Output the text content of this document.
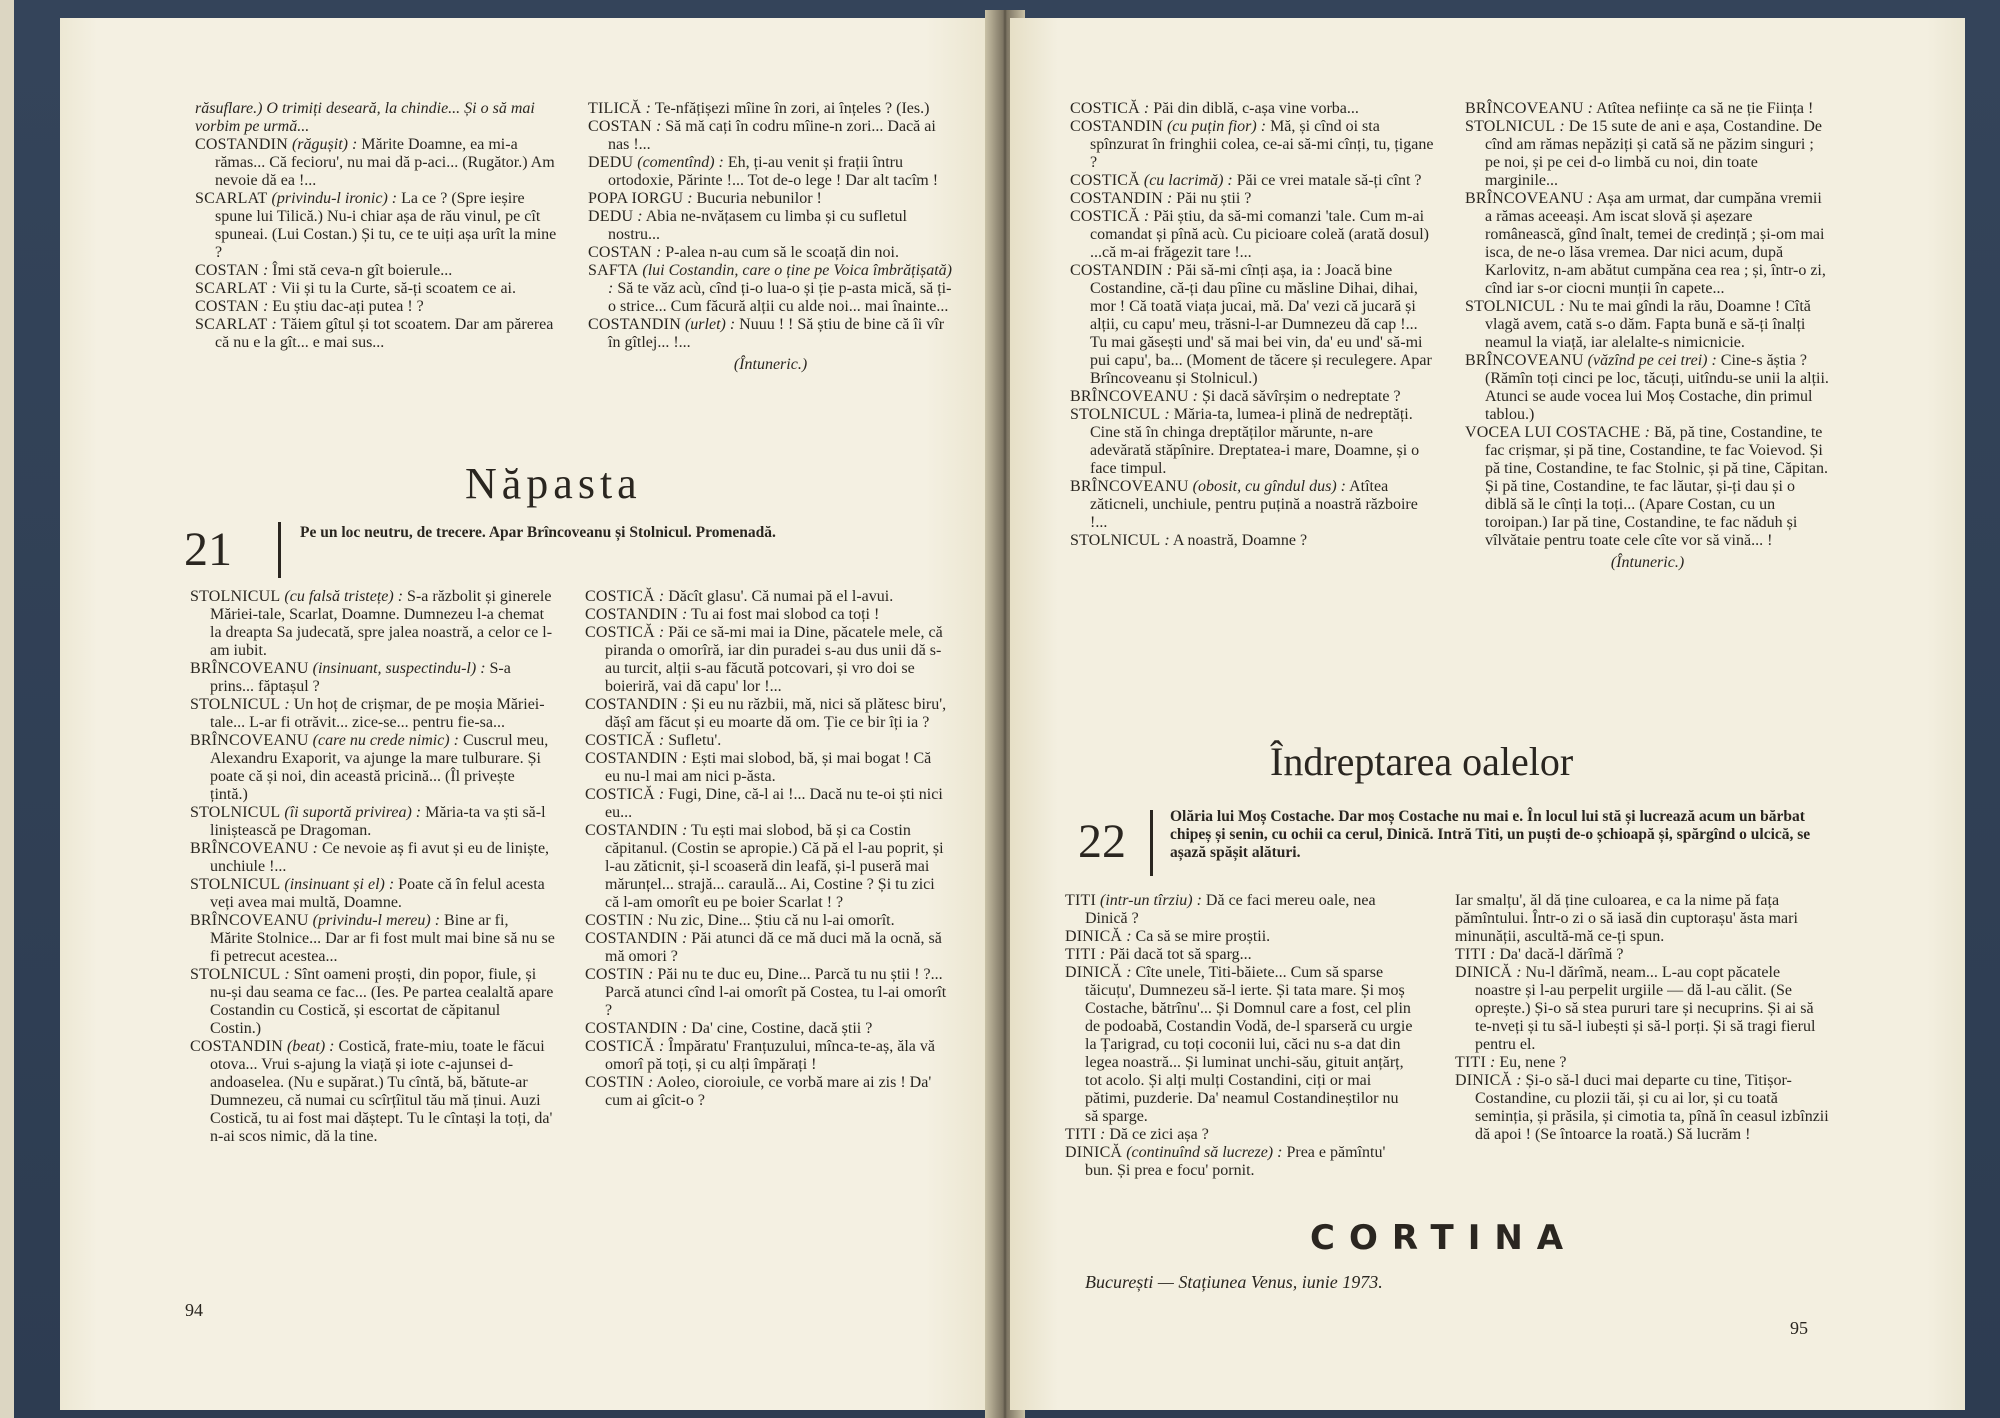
răsuflare.) O trimiți deseară, la chindie... Și o să mai vorbim pe urmă...

COSTANDIN (răgușit) : Mărite Doamne, ea mi-a rămas... Că fecioru', nu mai dă p-aci... (Rugător.) Am nevoie dă ea !...

SCARLAT (privindu-l ironic) : La ce ? (Spre ieșire spune lui Tilică.) Nu-i chiar așa de rău vinul, pe cît spuneai. (Lui Costan.) Și tu, ce te uiți așa urît la mine ?

COSTAN : Îmi stă ceva-n gît boierule...

SCARLAT : Vii și tu la Curte, să-ți scoatem ce ai.

COSTAN : Eu știu dac-ați putea ! ?

SCARLAT : Tăiem gîtul și tot scoatem. Dar am părerea că nu e la gît... e mai sus...

TILICĂ : Te-nfățișezi mîine în zori, ai înțeles ? (Ies.)

COSTAN : Să mă cați în codru mîine-n zori... Dacă ai nas !...

DEDU (comentînd) : Eh, ți-au venit și frații întru ortodoxie, Părinte !... Tot de-o lege ! Dar alt tacîm !

POPA IORGU : Bucuria nebunilor !

DEDU : Abia ne-nvățasem cu limba și cu sufletul nostru...

COSTAN : P-alea n-au cum să le scoață din noi.

SAFTA (lui Costandin, care o ține pe Voica îmbrățișată) : Să te văz acù, cînd ți-o lua-o și ție p-asta mică, să ți-o strice... Cum făcură alții cu alde noi... mai înainte...

COSTANDIN (urlet) : Nuuu ! ! Să știu de bine că îi vîr în gîtlej... !...

(Întuneric.)

Năpasta
21	Pe un loc neutru, de trecere. Apar Brîncoveanu și Stolnicul. Promenadă.

STOLNICUL (cu falsă tristețe) : S-a războlit și ginerele Măriei-tale, Scarlat, Doamne. Dumnezeu l-a chemat la dreapta Sa judecată, spre jalea noastră, a celor ce l-am iubit.

BRÎNCOVEANU (insinuant, suspectindu-l) : S-a prins... făptașul ?

STOLNICUL : Un hoț de crișmar, de pe moșia Măriei-tale... L-ar fi otrăvit... zice-se... pentru fie-sa...

BRÎNCOVEANU (care nu crede nimic) : Cuscrul meu, Alexandru Exaporit, va ajunge la mare tulburare. Și poate că și noi, din această pricină... (Îl privește țintă.)

STOLNICUL (îi suportă privirea) : Măria-ta va ști să-l liniștească pe Dragoman.

BRÎNCOVEANU : Ce nevoie aș fi avut și eu de liniște, unchiule !...

STOLNICUL (insinuant și el) : Poate că în felul acesta veți avea mai multă, Doamne.

BRÎNCOVEANU (privindu-l mereu) : Bine ar fi, Mărite Stolnice... Dar ar fi fost mult mai bine să nu se fi petrecut acestea...

STOLNICUL : Sînt oameni proști, din popor, fiule, și nu-și dau seama ce fac... (Ies. Pe partea cealaltă apare Costandin cu Costică, și escortat de căpitanul Costin.)

COSTANDIN (beat) : Costică, frate-miu, toate le făcui otova... Vrui s-ajung la viață și iote c-ajunsei d-andoaselea. (Nu e supărat.) Tu cîntă, bă, bătute-ar Dumnezeu, că numai cu scîrțîitul tău mă ținui. Auzi Costică, tu ai fost mai dăștept. Tu le cîntași la toți, da' n-ai scos nimic, dă la tine.

COSTICĂ : Dăcît glasu'. Că numai pă el l-avui.

COSTANDIN : Tu ai fost mai slobod ca toți !

COSTICĂ : Păi ce să-mi mai ia Dine, păcatele mele, că piranda o omorîră, iar din puradei s-au dus unii dă s-au turcit, alții s-au făcută potcovari, și vro doi se boieriră, vai dă capu' lor !...

COSTANDIN : Și eu nu răzbii, mă, nici să plătesc biru', dășî am făcut și eu moarte dă om. Ție ce bir îți ia ?

COSTICĂ : Sufletu'.

COSTANDIN : Ești mai slobod, bă, și mai bogat ! Că eu nu-l mai am nici p-ăsta.

COSTICĂ : Fugi, Dine, că-l ai !... Dacă nu te-oi ști nici eu...

COSTANDIN : Tu ești mai slobod, bă și ca Costin căpitanul. (Costin se apropie.) Că pă el l-au poprit, și l-au zăticnit, și-l scoaseră din leafă, și-l puseră mai mărunțel... strajă... caraulă... Ai, Costine ? Și tu zici că l-am omorît eu pe boier Scarlat ! ?

COSTIN : Nu zic, Dine... Știu că nu l-ai omorît.

COSTANDIN : Păi atunci dă ce mă duci mă la ocnă, să mă omori ?

COSTIN : Păi nu te duc eu, Dine... Parcă tu nu știi ! ?... Parcă atunci cînd l-ai omorît pă Costea, tu l-ai omorît ?

COSTANDIN : Da' cine, Costine, dacă știi ?

COSTICĂ : Împăratu' Franțuzului, mînca-te-aș, ăla vă omorî pă toți, și cu alți împărați !

COSTIN : Aoleo, cioroiule, ce vorbă mare ai zis ! Da' cum ai gîcit-o ?

94

COSTICĂ : Păi din diblă, c-așa vine vorba...

COSTANDIN (cu puțin fior) : Mă, și cînd oi sta spînzurat în fringhii colea, ce-ai să-mi cînți, tu, țigane ?

COSTICĂ (cu lacrimă) : Păi ce vrei matale să-ți cînt ?

COSTANDIN : Păi nu știi ?

COSTICĂ : Păi știu, da să-mi comanzi 'tale. Cum m-ai comandat și pînă acù. Cu picioare coleă (arată dosul) ...că m-ai frăgezit tare !...

COSTANDIN : Păi să-mi cînți așa, ia : Joacă bine Costandine, că-ți dau pîine cu măsline Dihai, dihai, mor ! Că toată viața jucai, mă. Da' vezi că jucară și alții, cu capu' meu, trăsni-l-ar Dumnezeu dă cap !... Tu mai găsești und' să mai bei vin, da' eu und' să-mi pui capu', ba... (Moment de tăcere și reculegere. Apar Brîncoveanu și Stolnicul.)

BRÎNCOVEANU : Și dacă săvîrșim o nedreptate ?

STOLNICUL : Măria-ta, lumea-i plină de nedreptăți. Cine stă în chinga dreptăților mărunte, n-are adevărată stăpînire. Dreptatea-i mare, Doamne, și o face timpul.

BRÎNCOVEANU (obosit, cu gîndul dus) : Atîtea zăticneli, unchiule, pentru puțină a noastră războire !...

STOLNICUL : A noastră, Doamne ?

BRÎNCOVEANU : Atîtea neființe ca să ne ție Ființa !

STOLNICUL : De 15 sute de ani e așa, Costandine. De cînd am rămas nepăziți și cată să ne păzim singuri ; pe noi, și pe cei d-o limbă cu noi, din toate marginile...

BRÎNCOVEANU : Așa am urmat, dar cumpăna vremii a rămas aceeași. Am iscat slovă și așezare românească, gînd înalt, temei de credință ; și-om mai isca, de ne-o lăsa vremea. Dar nici acum, după Karlovitz, n-am abătut cumpăna cea rea ; și, într-o zi, cînd iar s-or ciocni munții în capete...

STOLNICUL : Nu te mai gîndi la rău, Doamne ! Cîtă vlagă avem, cată s-o dăm. Fapta bună e să-ți înalți neamul la viață, iar alelalte-s nimicnicie.

BRÎNCOVEANU (văzînd pe cei trei) : Cine-s ăștia ? (Rămîn toți cinci pe loc, tăcuți, uitîndu-se unii la alții. Atunci se aude vocea lui Moș Costache, din primul tablou.)

VOCEA LUI COSTACHE : Bă, pă tine, Costandine, te fac crișmar, și pă tine, Costandine, te fac Voievod. Și pă tine, Costandine, te fac Stolnic, și pă tine, Căpitan. Și pă tine, Costandine, te fac lăutar, și-ți dau și o diblă să le cînți la toți... (Apare Costan, cu un toroipan.) Iar pă tine, Costandine, te fac năduh și vîlvătaie pentru toate cele cîte vor să vină... !

(Întuneric.)

Îndreptarea oalelor
22	Olăria lui Moș Costache. Dar moș Costache nu mai e. În locul lui stă și lucrează acum un bărbat chipeș și senin, cu ochii ca cerul, Dinică. Intră Titi, un puști de-o șchioapă și, spărgînd o ulcică, se așază spășit alături.

TITI (intr-un tîrziu) : Dă ce faci mereu oale, nea Dinică ?

DINICĂ : Ca să se mire proștii.

TITI : Păi dacă tot să sparg...

DINICĂ : Cîte unele, Titi-băiete... Cum să sparse tăicuțu', Dumnezeu să-l ierte. Și tata mare. Și moș Costache, bătrînu'... Și Domnul care a fost, cel plin de podoabă, Costandin Vodă, de-l sparseră cu urgie la Țarigrad, cu toți coconii lui, căci nu s-a dat din legea noastră... Și luminat unchi-său, gituit anțărț, tot acolo. Și alți mulți Costandini, ciți or mai pătimi, puzderie. Da' neamul Costandineștilor nu să sparge.

TITI : Dă ce zici așa ?

DINICĂ (continuînd să lucreze) : Prea e pămîntu' bun. Și prea e focu' pornit.

Iar smalțu', ăl dă ține culoarea, e ca la nime pă fața pămîntului. Într-o zi o să iasă din cuptorașu' ăsta mari minunății, ascultă-mă ce-ți spun.

TITI : Da' dacă-l dărîmă ?

DINICĂ : Nu-l dărîmă, neam... L-au copt păcatele noastre și l-au perpelit urgiile — dă l-au călit. (Se oprește.) Și-o să stea pururi tare și necuprins. Și ai să te-nveți și tu să-l iubești și să-l porți. Și să tragi fierul pentru el.

TITI : Eu, nene ?

DINICĂ : Și-o să-l duci mai departe cu tine, Titișor-Costandine, cu plozii tăi, și cu ai lor, și cu toată seminția, și prăsila, și cimotia ta, pînă în ceasul izbînzii dă apoi ! (Se întoarce la roată.) Să lucrăm !

CORTINA
București — Stațiunea Venus, iunie 1973.
95
